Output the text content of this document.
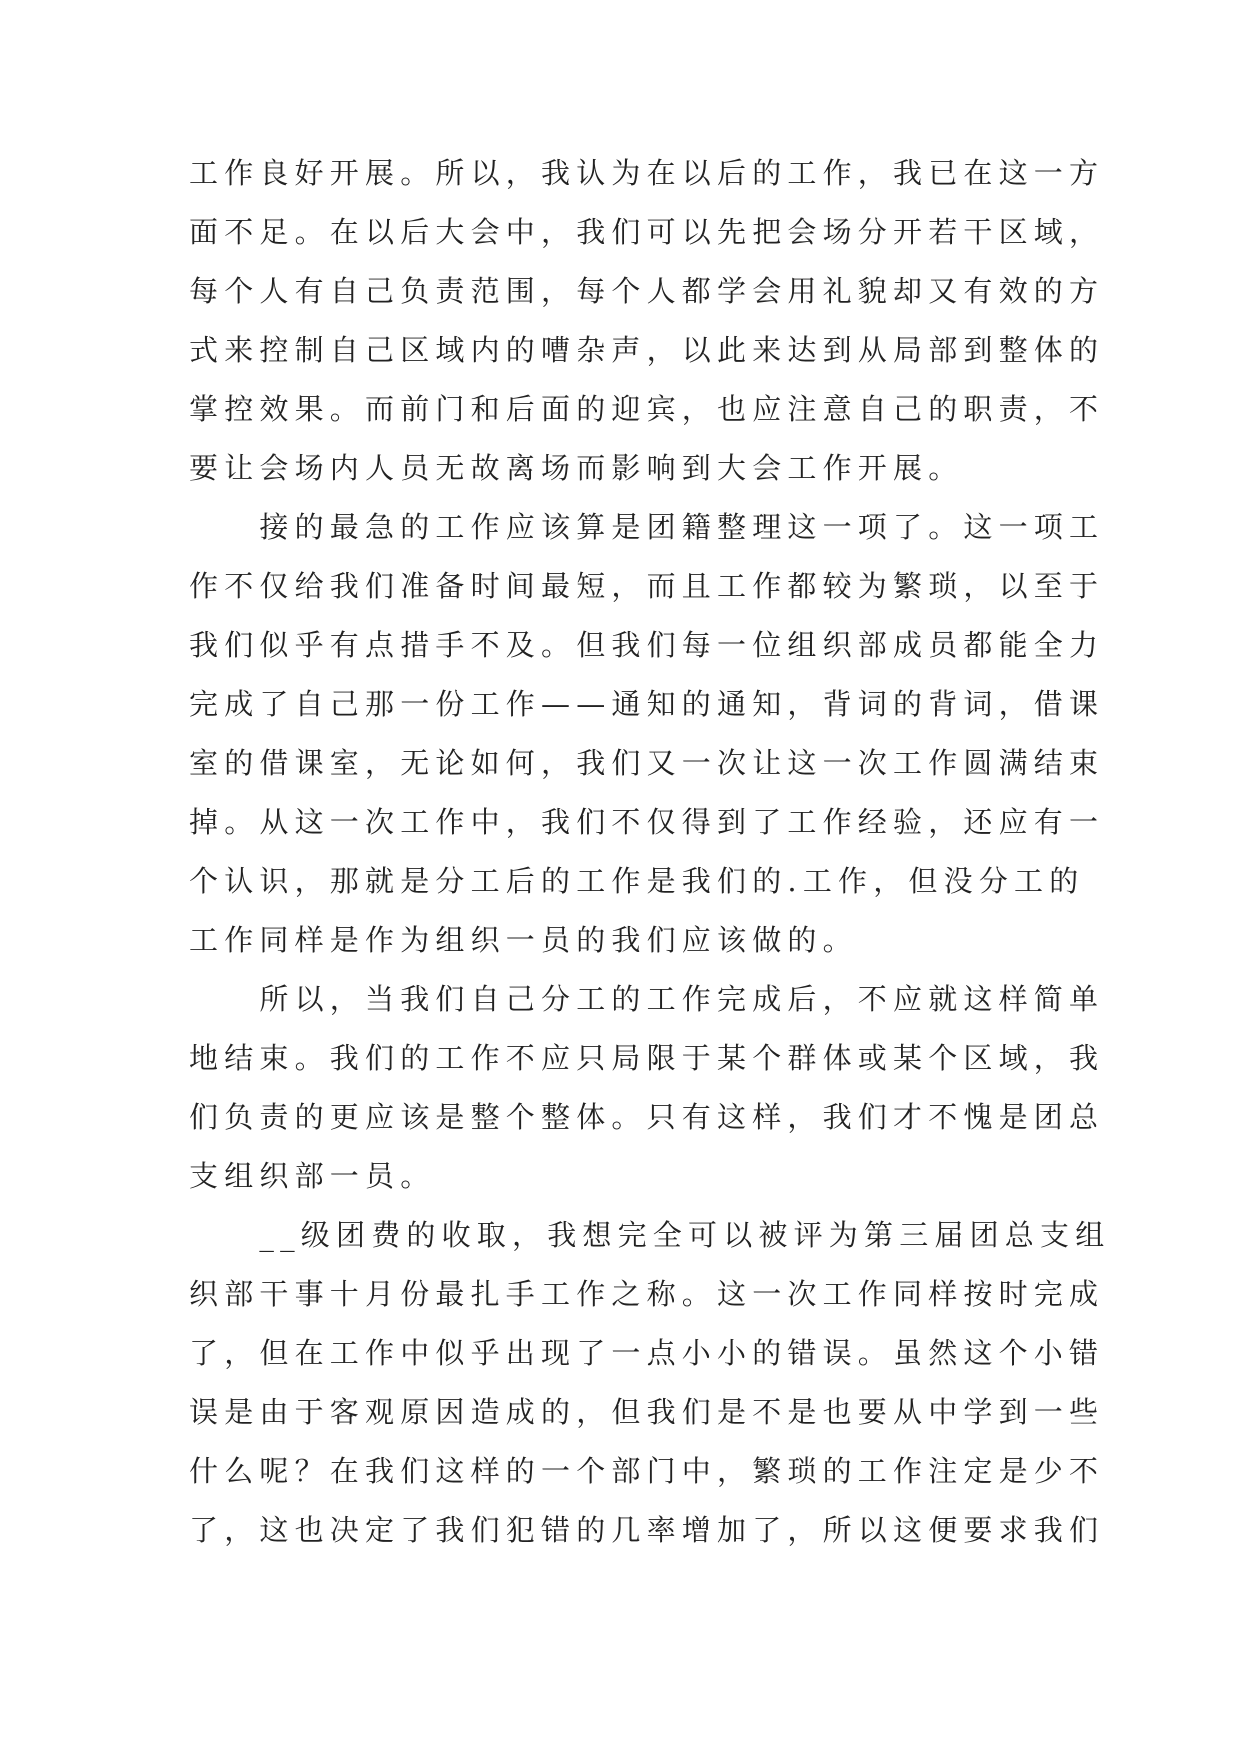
工作良好开展。所以，我认为在以后的工作，我已在这一方
面不足。在以后大会中，我们可以先把会场分开若干区域，
每个人有自己负责范围，每个人都学会用礼貌却又有效的方
式来控制自己区域内的嘈杂声，以此来达到从局部到整体的
掌控效果。而前门和后面的迎宾，也应注意自己的职责，不
要让会场内人员无故离场而影响到大会工作开展。
　　接的最急的工作应该算是团籍整理这一项了。这一项工
作不仅给我们准备时间最短，而且工作都较为繁琐，以至于
我们似乎有点措手不及。但我们每一位组织部成员都能全力
完成了自己那一份工作——通知的通知，背词的背词，借课
室的借课室，无论如何，我们又一次让这一次工作圆满结束
掉。从这一次工作中，我们不仅得到了工作经验，还应有一
个认识，那就是分工后的工作是我们的.工作，但没分工的
工作同样是作为组织一员的我们应该做的。
　　所以，当我们自己分工的工作完成后，不应就这样简单
地结束。我们的工作不应只局限于某个群体或某个区域，我
们负责的更应该是整个整体。只有这样，我们才不愧是团总
支组织部一员。
　　__级团费的收取，我想完全可以被评为第三届团总支组
织部干事十月份最扎手工作之称。这一次工作同样按时完成
了，但在工作中似乎出现了一点小小的错误。虽然这个小错
误是由于客观原因造成的，但我们是不是也要从中学到一些
什么呢？在我们这样的一个部门中，繁琐的工作注定是少不
了，这也决定了我们犯错的几率增加了，所以这便要求我们
